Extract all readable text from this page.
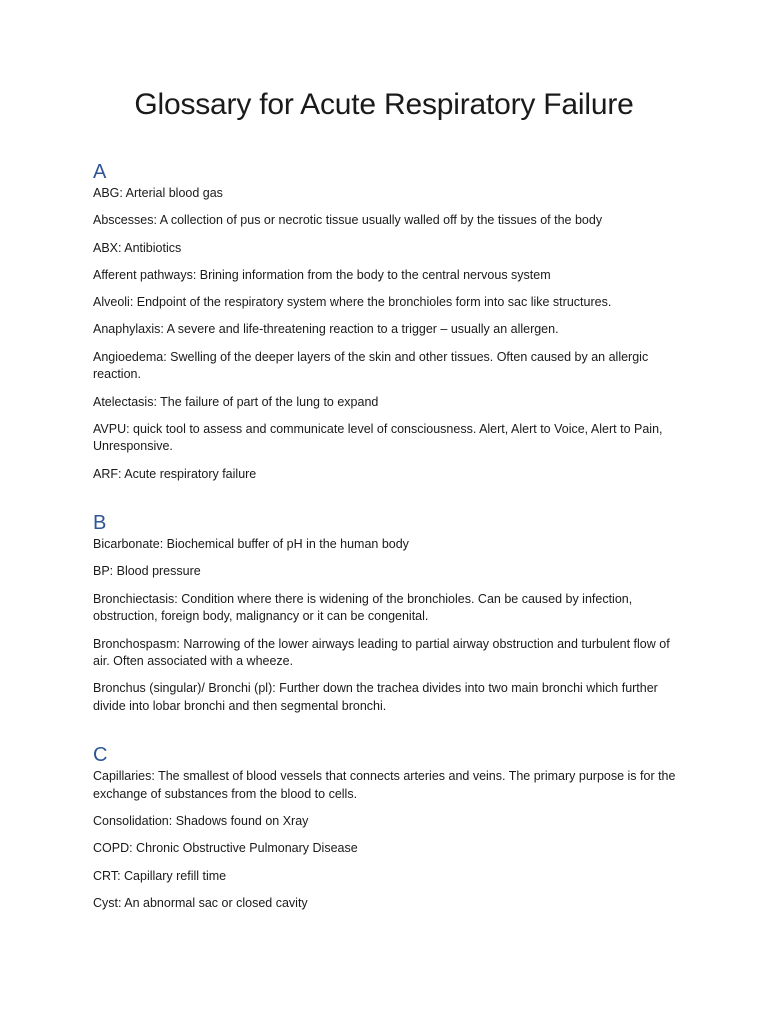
Glossary for Acute Respiratory Failure
A

ABG: Arterial blood gas

Abscesses: A collection of pus or necrotic tissue usually walled off by the tissues of the body

ABX: Antibiotics

Afferent pathways: Brining information from the body to the central nervous system

Alveoli: Endpoint of the respiratory system where the bronchioles form into sac like structures.

Anaphylaxis: A severe and life-threatening reaction to a trigger – usually an allergen.

Angioedema: Swelling of the deeper layers of the skin and other tissues. Often caused by an allergic reaction.

Atelectasis: The failure of part of the lung to expand

AVPU: quick tool to assess and communicate level of consciousness. Alert, Alert to Voice, Alert to Pain, Unresponsive.

ARF: Acute respiratory failure

B

Bicarbonate: Biochemical buffer of pH in the human body

BP: Blood pressure

Bronchiectasis: Condition where there is widening of the bronchioles. Can be caused by infection, obstruction, foreign body, malignancy or it can be congenital.

Bronchospasm: Narrowing of the lower airways leading to partial airway obstruction and turbulent flow of air. Often associated with a wheeze.

Bronchus (singular)/ Bronchi (pl): Further down the trachea divides into two main bronchi which further divide into lobar bronchi and then segmental bronchi.

C

Capillaries: The smallest of blood vessels that connects arteries and veins. The primary purpose is for the exchange of substances from the blood to cells.

Consolidation: Shadows found on Xray

COPD: Chronic Obstructive Pulmonary Disease

CRT: Capillary refill time

Cyst: An abnormal sac or closed cavity
